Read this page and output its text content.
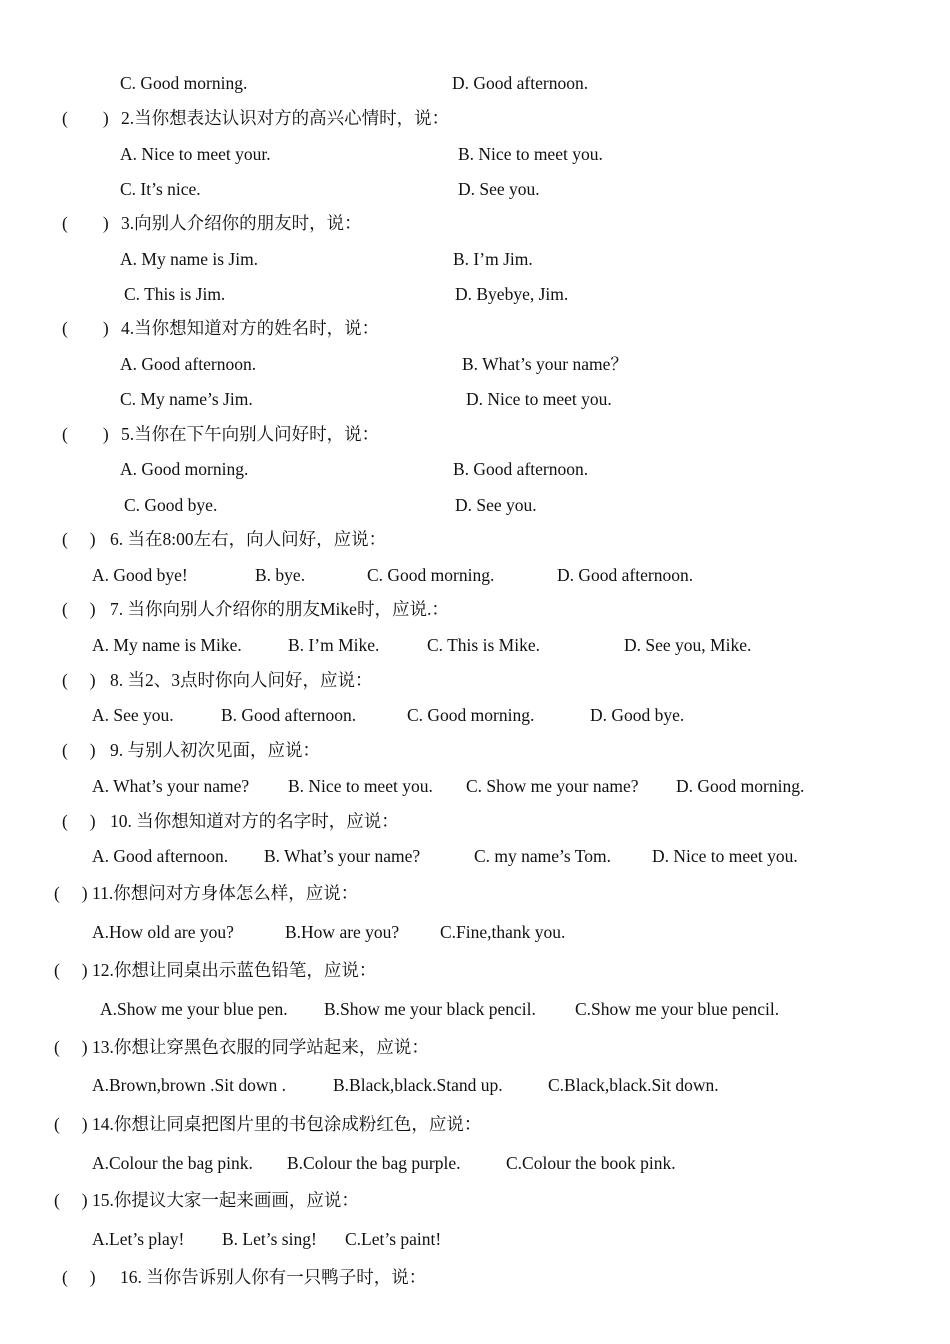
C. Good morning.	D. Good afternoon.
(　　) 2.当你想表达认识对方的高兴心情时，说：
A. Nice to meet your.	B. Nice to meet you.
C. It’s nice.	D. See you.
(　　) 3.向别人介绍你的朋友时，说：
A. My name is Jim.	B. I’m Jim.
C. This is Jim.	D. Byebye, Jim.
(　　) 4.当你想知道对方的姓名时，说：
A. Good afternoon.	B. What’s your name？
C. My name’s Jim.	D. Nice to meet you.
(　　) 5.当你在下午向别人问好时，说：
A. Good morning.	B. Good afternoon.
C. Good bye.	D. See you.
(　 ) 6. 当在8:00左右，向人问好，应说：
A. Good bye!	B. bye.	C. Good morning.	D. Good afternoon.
(　 ) 7. 当你向别人介绍你的朋友Mike时，应说.：
A. My name is Mike.	B. I’m Mike.	C. This is Mike.	D. See you, Mike.
(　 ) 8. 当2、3点时你向人问好，应说：
A. See you.	B. Good afternoon.	C. Good morning.	D. Good bye.
(　 ) 9. 与别人初次见面，应说：
A. What’s your name? B. Nice to meet you. C. Show me your name? D. Good morning.
(　 ) 10. 当你想知道对方的名字时，应说：
A. Good afternoon. B. What’s your name?	C. my name’s Tom. D. Nice to meet you.
(　 ) 11.你想问对方身体怎么样，应说：
A.How old are you?	B.How are you? C.Fine,thank you.
(　 ) 12.你想让同桌出示蓝色铅笔，应说：
A.Show me your blue pen. B.Show me your black pencil. C.Show me your blue pencil.
(　 ) 13.你想让穿黑色衣服的同学站起来，应说：
A.Brown,brown .Sit down .	B.Black,black.Stand up.	C.Black,black.Sit down.
(　 ) 14.你想让同桌把图片里的书包涂成粉红色，应说：
A.Colour the bag pink. B.Colour the bag purple.	C.Colour the book pink.
(　 ) 15.你提议大家一起来画画，应说：
A.Let’s play! B. Let’s sing! C.Let’s paint!
(　 ) 16. 当你告诉别人你有一只鸭子时，说：
